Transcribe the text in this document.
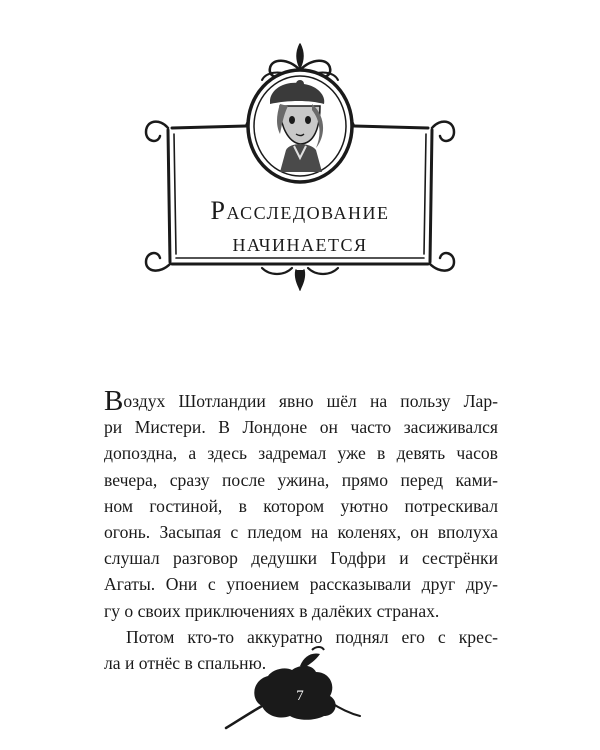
Расследование
начинается
Воздух Шотландии явно шёл на пользу Лар-
ри Мистери. В Лондоне он часто засиживался
допоздна, а здесь задремал уже в девять часов
вечера, сразу после ужина, прямо перед ками-
ном гостиной, в котором уютно потрескивал
огонь. Засыпая с пледом на коленях, он вполуха
слушал разговор дедушки Годфри и сестрёнки
Агаты. Они с упоением рассказывали друг дру-
гу о своих приключениях в далёких странах.
Потом кто-то аккуратно поднял его с крес-
ла и отнёс в спальню.
7
